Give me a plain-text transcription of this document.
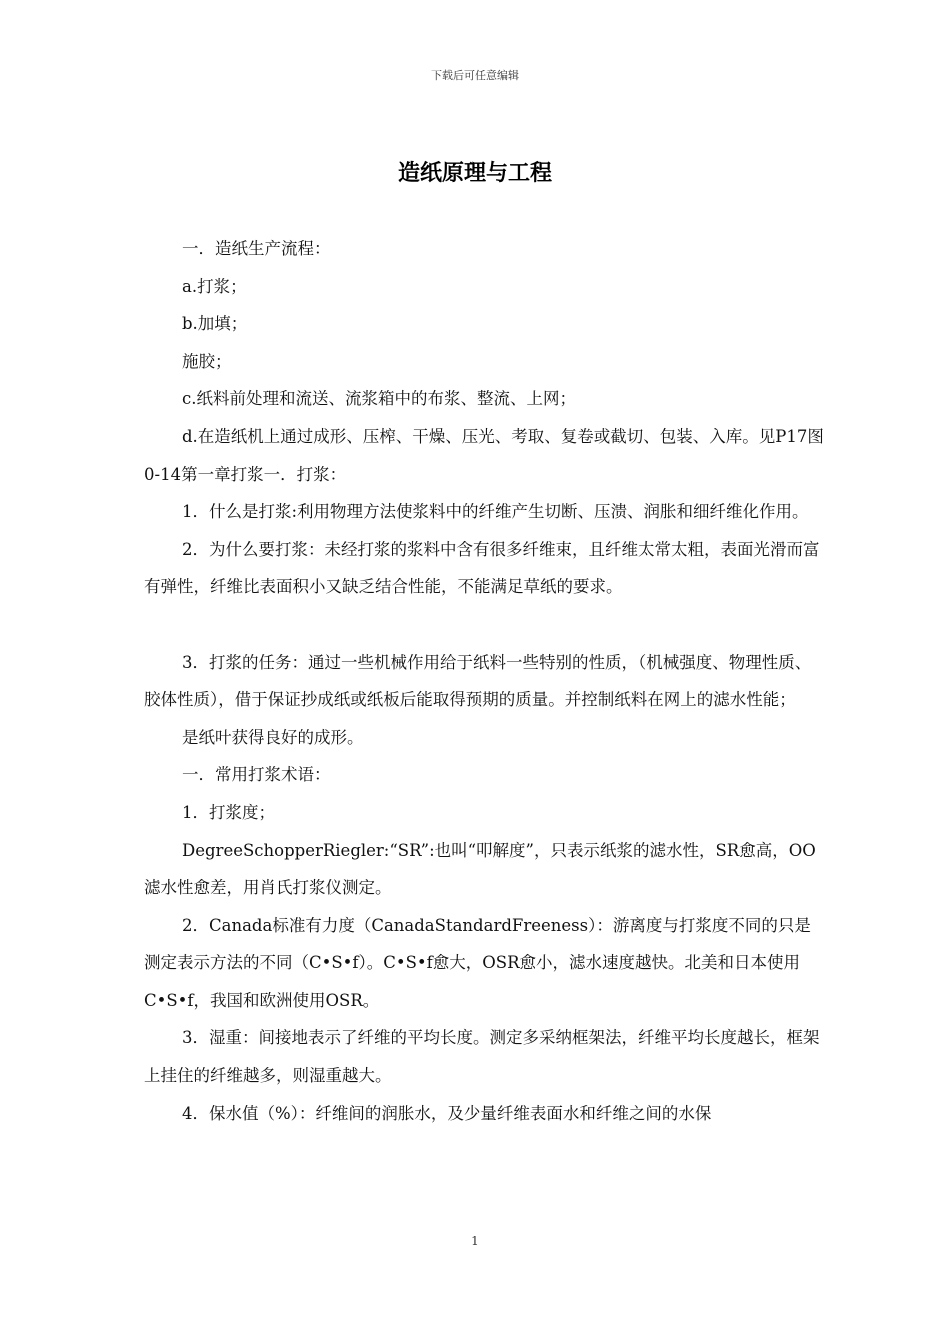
下载后可任意编辑
造纸原理与工程

一．造纸生产流程：

a.打浆；

b.加填；

施胶；

c.纸料前处理和流送、流浆箱中的布浆、整流、上网；

d.在造纸机上通过成形、压榨、干燥、压光、考取、复卷或截切、包装、入库。见P17图0-14第一章打浆一．打浆：

1．什么是打浆:利用物理方法使浆料中的纤维产生切断、压溃、润胀和细纤维化作用。

2．为什么要打浆：未经打浆的浆料中含有很多纤维束，且纤维太常太粗，表面光滑而富有弹性，纤维比表面积小又缺乏结合性能，不能满足草纸的要求。

3．打浆的任务：通过一些机械作用给于纸料一些特别的性质，（机械强度、物理性质、胶体性质），借于保证抄成纸或纸板后能取得预期的质量。并控制纸料在网上的滤水性能；

是纸叶获得良好的成形。

一．常用打浆术语：

1．打浆度；

DegreeSchopperRiegler:“SR”:也叫“叩解度”，只表示纸浆的滤水性，SR愈高，OO滤水性愈差，用肖氏打浆仪测定。

2．Canada标准有力度（CanadaStandardFreeness）：游离度与打浆度不同的只是测定表示方法的不同（C•S•f）。C•S•f愈大，OSR愈小，滤水速度越快。北美和日本使用C•S•f，我国和欧洲使用OSR。

3．湿重：间接地表示了纤维的平均长度。测定多采纳框架法，纤维平均长度越长，框架上挂住的纤维越多，则湿重越大。

4．保水值（%）：纤维间的润胀水，及少量纤维表面水和纤维之间的水保

1
